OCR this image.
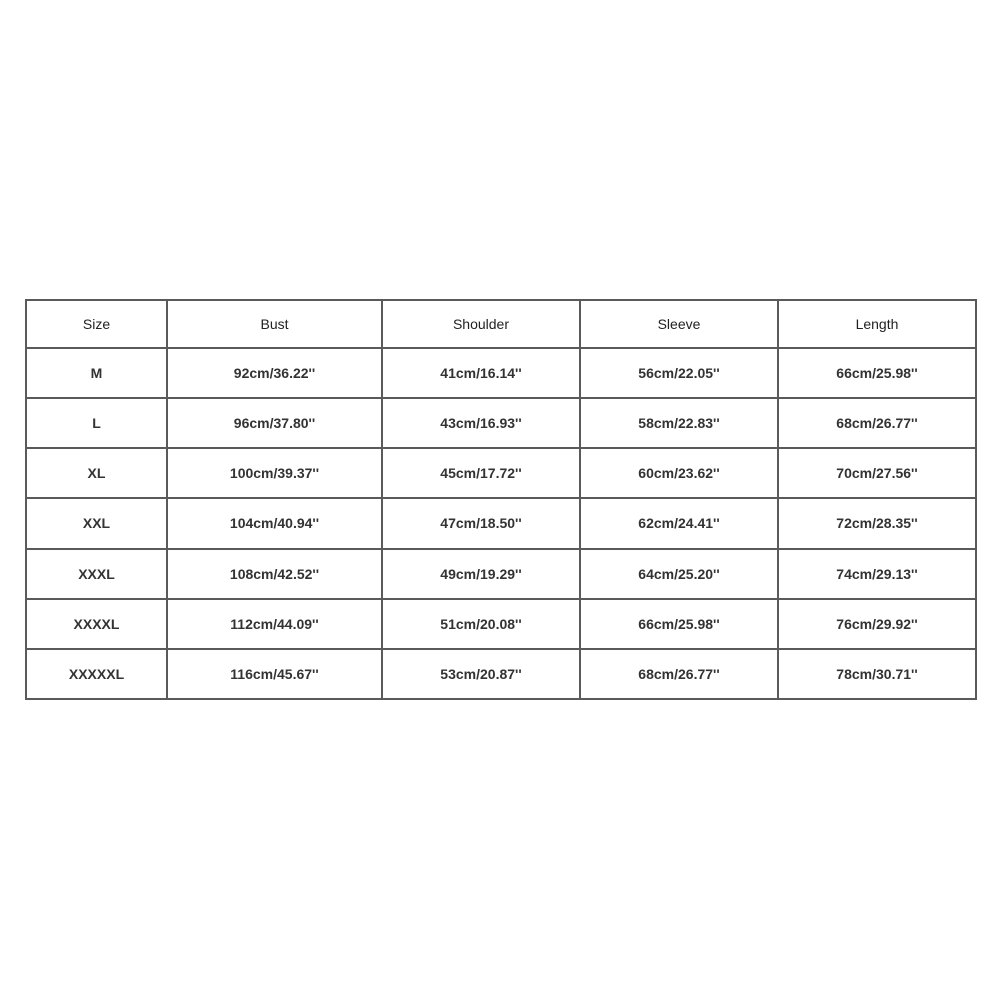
Size	Bust	Shoulder	Sleeve	Length
M	92cm/36.22''	41cm/16.14''	56cm/22.05''	66cm/25.98''
L	96cm/37.80''	43cm/16.93''	58cm/22.83''	68cm/26.77''
XL	100cm/39.37''	45cm/17.72''	60cm/23.62''	70cm/27.56''
XXL	104cm/40.94''	47cm/18.50''	62cm/24.41''	72cm/28.35''
XXXL	108cm/42.52''	49cm/19.29''	64cm/25.20''	74cm/29.13''
XXXXL	112cm/44.09''	51cm/20.08''	66cm/25.98''	76cm/29.92''
XXXXXL	116cm/45.67''	53cm/20.87''	68cm/26.77''	78cm/30.71''
